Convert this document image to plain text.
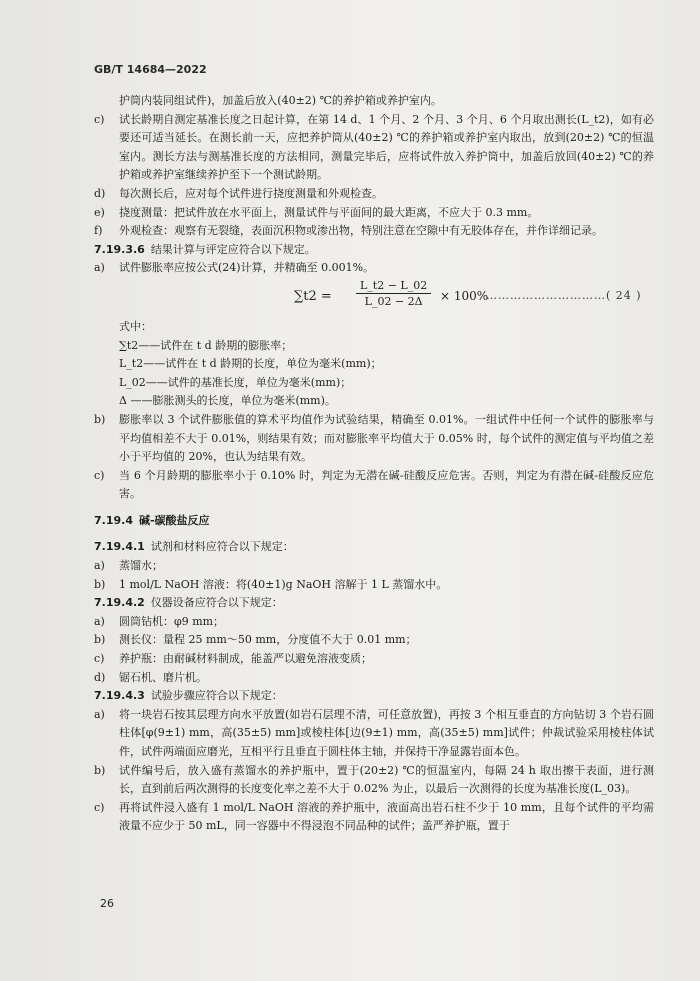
GB/T 14684—2022

护筒内装同组试件)，加盖后放入(40±2) ℃的养护箱或养护室内。

c) 试长龄期自测定基准长度之日起计算，在第 14 d、1 个月、2 个月、3 个月、6 个月取出测长(L_t2)，如有必要还可适当延长。在测长前一天，应把养护筒从(40±2) ℃的养护箱或养护室内取出，放到(20±2) ℃的恒温室内。测长方法与测基准长度的方法相同，测量完毕后，应将试件放入养护筒中，加盖后放回(40±2) ℃的养护箱或养护室继续养护至下一个测试龄期。

d) 每次测长后，应对每个试件进行挠度测量和外观检查。

e) 挠度测量：把试件放在水平面上，测量试件与平面间的最大距离，不应大于 0.3 mm。

f) 外观检查：观察有无裂缝，表面沉积物或渗出物，特别注意在空隙中有无胶体存在，并作详细记录。

7.19.3.6 结果计算与评定应符合以下规定。

a) 试件膨胀率应按公式(24)计算，并精确至 0.001%。

$\sum t2 = \frac{L\_t2 - L\_02}{L\_02 - 2\Delta} \times 100\%$
…………………………( 24 )

式中：

∑t2——试件在 t d 龄期的膨胀率；

L_t2——试件在 t d 龄期的长度，单位为毫米(mm)；

L_02——试件的基准长度，单位为毫米(mm)；

Δ ——膨胀测头的长度，单位为毫米(mm)。

b) 膨胀率以 3 个试件膨胀值的算术平均值作为试验结果，精确至 0.01%。一组试件中任何一个试件的膨胀率与平均值相差不大于 0.01%，则结果有效；而对膨胀率平均值大于 0.05% 时，每个试件的测定值与平均值之差小于平均值的 20%，也认为结果有效。

c) 当 6 个月龄期的膨胀率小于 0.10% 时，判定为无潜在碱-硅酸反应危害。否则，判定为有潜在碱-硅酸反应危害。

7.19.4 碱-碳酸盐反应

7.19.4.1 试剂和材料应符合以下规定：

a) 蒸馏水；

b) 1 mol/L NaOH 溶液：将(40±1)g NaOH 溶解于 1 L 蒸馏水中。

7.19.4.2 仪器设备应符合以下规定：

a) 圆筒钻机：φ9 mm；

b) 测长仪：量程 25 mm～50 mm，分度值不大于 0.01 mm；

c) 养护瓶：由耐碱材料制成，能盖严以避免溶液变质；

d) 锯石机、磨片机。

7.19.4.3 试验步骤应符合以下规定：

a) 将一块岩石按其层理方向水平放置(如岩石层理不清，可任意放置)，再按 3 个相互垂直的方向钻切 3 个岩石圆柱体[φ(9±1) mm，高(35±5) mm]或棱柱体[边(9±1) mm，高(35±5) mm]试件；仲裁试验采用棱柱体试件，试件两端面应磨光，互相平行且垂直于圆柱体主轴，并保持干净显露岩面本色。

b) 试件编号后，放入盛有蒸馏水的养护瓶中，置于(20±2) ℃的恒温室内，每隔 24 h 取出擦干表面，进行测长，直到前后两次测得的长度变化率之差不大于 0.02% 为止，以最后一次测得的长度为基准长度(L_03)。

c) 再将试件浸入盛有 1 mol/L NaOH 溶液的养护瓶中，液面高出岩石柱不少于 10 mm，且每个试件的平均需液量不应少于 50 mL，同一容器中不得浸泡不同品种的试件；盖严养护瓶，置于

26
